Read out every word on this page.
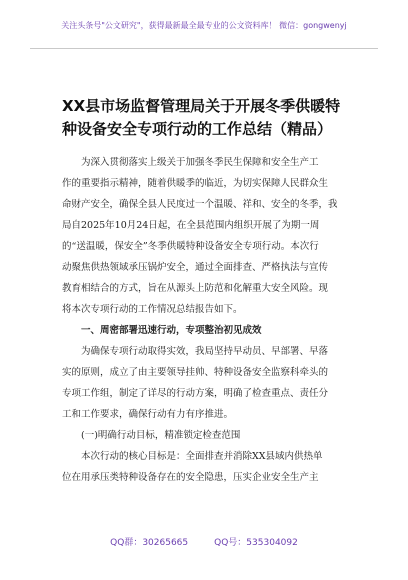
关注头条号"公文研究"，获得最新最全最专业的公文资料库！ 微信：gongwenyj
XX县市场监督管理局关于开展冬季供暖特
种设备安全专项行动的工作总结（精品）
为深入贯彻落实上级关于加强冬季民生保障和安全生产工
作的重要指示精神，随着供暖季的临近，为切实保障人民群众生
命财产安全，确保全县人民度过一个温暖、祥和、安全的冬季，我
局自2025年10月24日起，在全县范围内组织开展了为期一周
的“送温暖，保安全”冬季供暖特种设备安全专项行动。本次行
动聚焦供热领域承压锅炉安全，通过全面排查、严格执法与宣传
教育相结合的方式，旨在从源头上防范和化解重大安全风险。现
将本次专项行动的工作情况总结报告如下。
一、周密部署迅速行动，专项整治初见成效
为确保专项行动取得实效，我局坚持早动员、早部署、早落
实的原则，成立了由主要领导挂帅、特种设备安全监察科牵头的
专项工作组，制定了详尽的行动方案，明确了检查重点、责任分
工和工作要求，确保行动有力有序推进。
(一)明确行动目标，精准锁定检查范围
本次行动的核心目标是：全面排查并消除XX县域内供热单
位在用承压类特种设备存在的安全隐患，压实企业安全生产主
QQ群：30265665	QQ号：535304092
